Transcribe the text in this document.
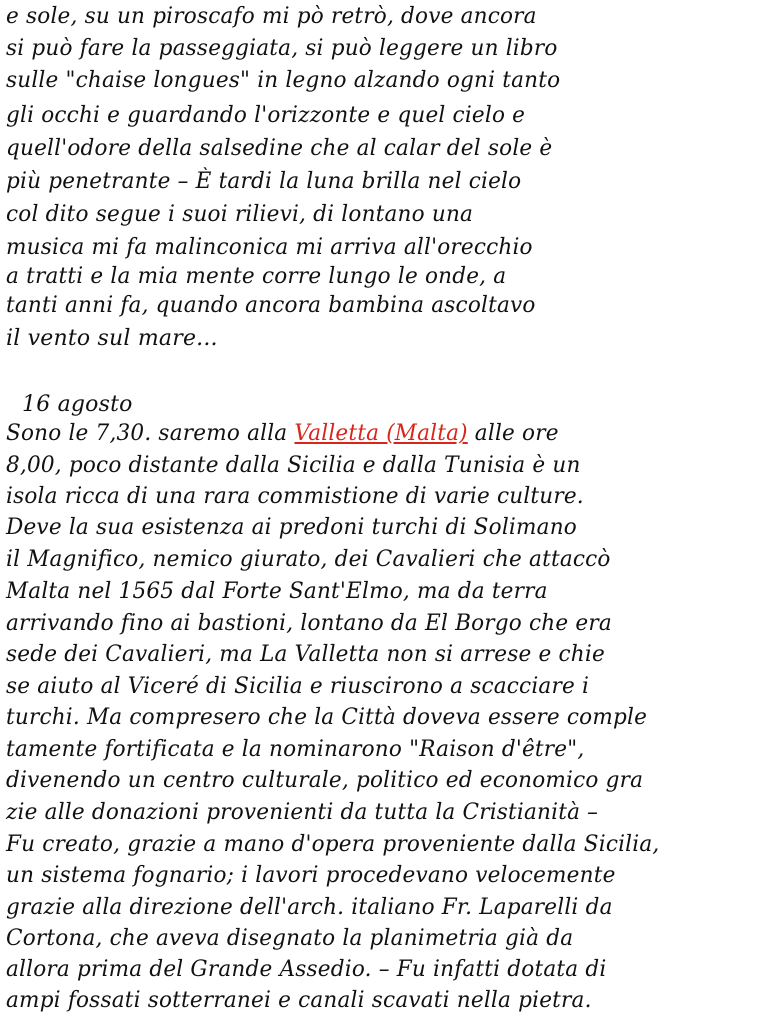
e sole, su un piroscafo mi pò retrò, dove ancora
si può fare la passeggiata, si può leggere un libro
sulle "chaise longues" in legno alzando ogni tanto
gli occhi e guardando l'orizzonte e quel cielo e
quell'odore della salsedine che al calar del sole è
più penetrante – È tardi la luna brilla nel cielo
col dito segue i suoi rilievi, di lontano una
musica mi fa malinconica mi arriva all'orecchio
a tratti e la mia mente corre lungo le onde, a
tanti anni fa, quando ancora bambina ascoltavo
il vento sul mare...
16 agosto
Sono le 7,30. saremo alla Valletta (Malta) alle ore
8,00, poco distante dalla Sicilia e dalla Tunisia è un
isola ricca di una rara commistione di varie culture.
Deve la sua esistenza ai predoni turchi di Solimano
il Magnifico, nemico giurato, dei Cavalieri che attaccò
Malta nel 1565 dal Forte Sant'Elmo, ma da terra
arrivando fino ai bastioni, lontano da El Borgo che era
sede dei Cavalieri, ma La Valletta non si arrese e chie
se aiuto al Viceré di Sicilia e riuscirono a scacciare i
turchi. Ma compresero che la Città doveva essere comple
tamente fortificata e la nominarono "Raison d'être",
divenendo un centro culturale, politico ed economico gra
zie alle donazioni provenienti da tutta la Cristianità –
Fu creato, grazie a mano d'opera proveniente dalla Sicilia,
un sistema fognario; i lavori procedevano velocemente
grazie alla direzione dell'arch. italiano Fr. Laparelli da
Cortona, che aveva disegnato la planimetria già da
allora prima del Grande Assedio. – Fu infatti dotata di
ampi fossati sotterranei e canali scavati nella pietra.
